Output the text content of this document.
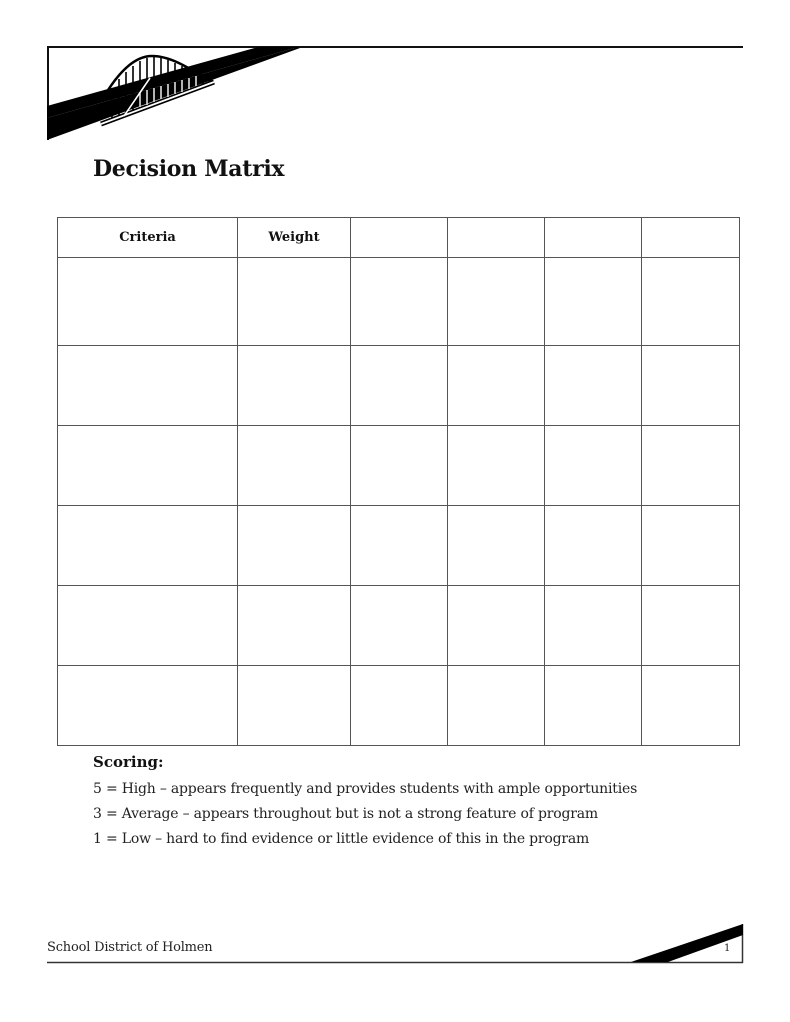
Decision Matrix
Criteria	Weight				

Scoring:
5 = High – appears frequently and provides students with ample opportunities
3 = Average – appears throughout but is not a strong feature of program
1 = Low – hard to find evidence or little evidence of this in the program
School District of Holmen	1
